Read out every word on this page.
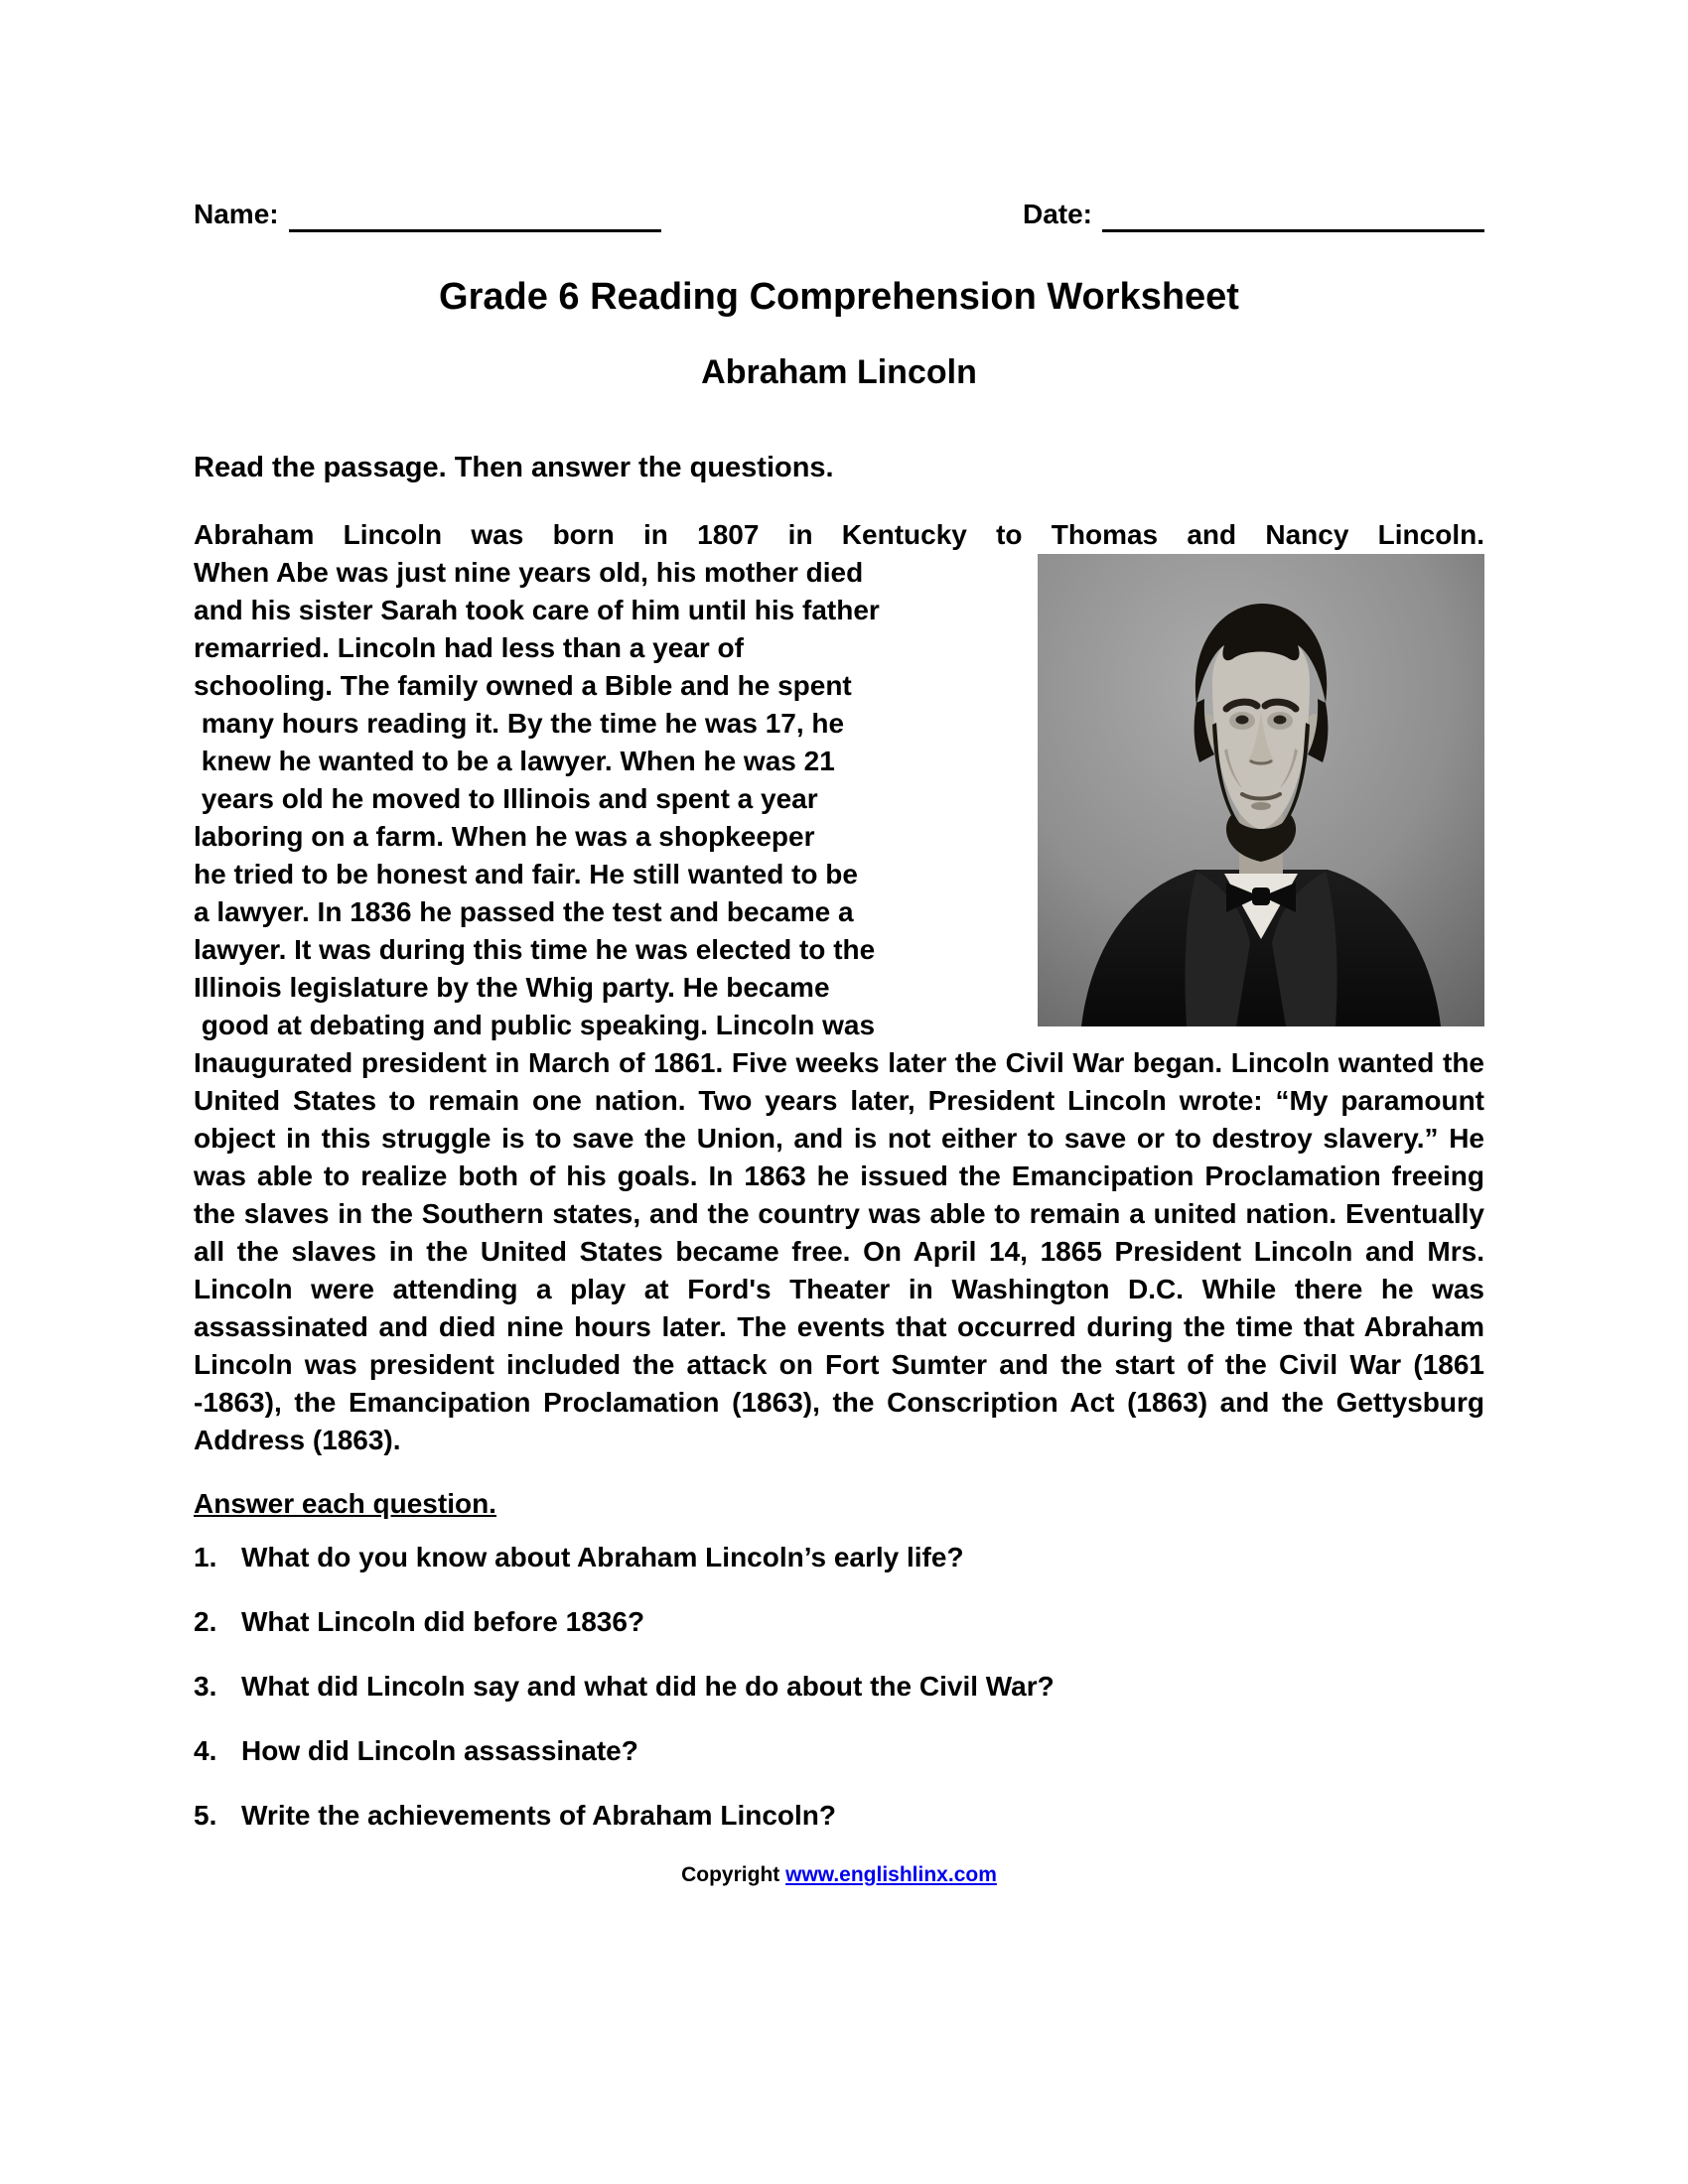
Name:	Date:
Grade 6 Reading Comprehension Worksheet
Abraham Lincoln
Read the passage. Then answer the questions.
Abraham Lincoln was born in 1807 in Kentucky to Thomas and Nancy Lincoln.
When Abe was just nine years old, his mother died
and his sister Sarah took care of him until his father
remarried. Lincoln had less than a year of
schooling. The family owned a Bible and he spent
many hours reading it. By the time he was 17, he
knew he wanted to be a lawyer. When he was 21
years old he moved to Illinois and spent a year
laboring on a farm. When he was a shopkeeper
he tried to be honest and fair. He still wanted to be
a lawyer. In 1836 he passed the test and became a
lawyer. It was during this time he was elected to the
Illinois legislature by the Whig party. He became
good at debating and public speaking. Lincoln was
Inaugurated president in March of 1861. Five weeks later the Civil War began. Lincoln wanted the United States to remain one nation. Two years later, President Lincoln wrote: “My paramount object in this struggle is to save the Union, and is not either to save or to destroy slavery.” He was able to realize both of his goals. In 1863 he issued the Emancipation Proclamation freeing the slaves in the Southern states, and the country was able to remain a united nation. Eventually all the slaves in the United States became free. On April 14, 1865 President Lincoln and Mrs. Lincoln were attending a play at Ford's Theater in Washington D.C. While there he was assassinated and died nine hours later. The events that occurred during the time that Abraham Lincoln was president included the attack on Fort Sumter and the start of the Civil War (1861 -1863), the Emancipation Proclamation (1863), the Conscription Act (1863) and the Gettysburg Address (1863).
Answer each question.
1. What do you know about Abraham Lincoln’s early life?
2. What Lincoln did before 1836?
3. What did Lincoln say and what did he do about the Civil War?
4. How did Lincoln assassinate?
5. Write the achievements of Abraham Lincoln?
Copyright www.englishlinx.com
